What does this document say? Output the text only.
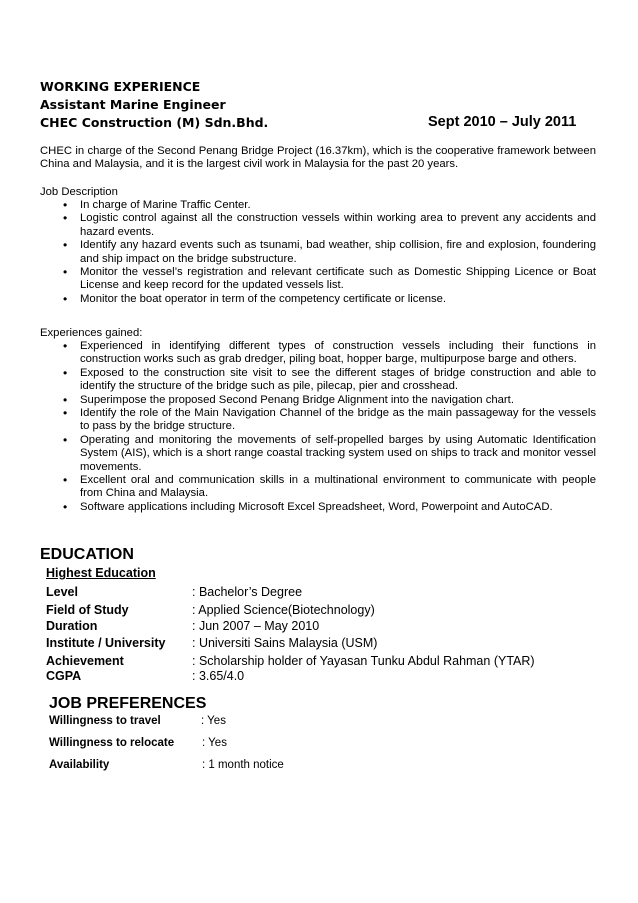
WORKING EXPERIENCE
Assistant Marine Engineer
CHEC Construction (M) Sdn.Bhd.	Sept 2010 – July 2011
CHEC in charge of the Second Penang Bridge Project (16.37km), which is the cooperative framework between China and Malaysia, and it is the largest civil work in Malaysia for the past 20 years.
Job Description
• In charge of Marine Traffic Center.
• Logistic control against all the construction vessels within working area to prevent any accidents and hazard events.
• Identify any hazard events such as tsunami, bad weather, ship collision, fire and explosion, foundering and ship impact on the bridge substructure.
• Monitor the vessel’s registration and relevant certificate such as Domestic Shipping Licence or Boat License and keep record for the updated vessels list.
• Monitor the boat operator in term of the competency certificate or license.
Experiences gained:
• Experienced in identifying different types of construction vessels including their functions in construction works such as grab dredger, piling boat, hopper barge, multipurpose barge and others.
• Exposed to the construction site visit to see the different stages of bridge construction and able to identify the structure of the bridge such as pile, pilecap, pier and crosshead.
• Superimpose the proposed Second Penang Bridge Alignment into the navigation chart.
• Identify the role of the Main Navigation Channel of the bridge as the main passageway for the vessels to pass by the bridge structure.
• Operating and monitoring the movements of self-propelled barges by using Automatic Identification System (AIS), which is a short range coastal tracking system used on ships to track and monitor vessel movements.
• Excellent oral and communication skills in a multinational environment to communicate with people from China and Malaysia.
• Software applications including Microsoft Excel Spreadsheet, Word, Powerpoint and AutoCAD.
EDUCATION
Highest Education
Level	: Bachelor’s Degree
Field of Study	: Applied Science(Biotechnology)
Duration	: Jun 2007 – May 2010
Institute / University : Universiti Sains Malaysia (USM)
Achievement	: Scholarship holder of Yayasan Tunku Abdul Rahman (YTAR)
CGPA	: 3.65/4.0
JOB PREFERENCES
Willingness to travel	: Yes
Willingness to relocate : Yes
Availability	: 1 month notice
